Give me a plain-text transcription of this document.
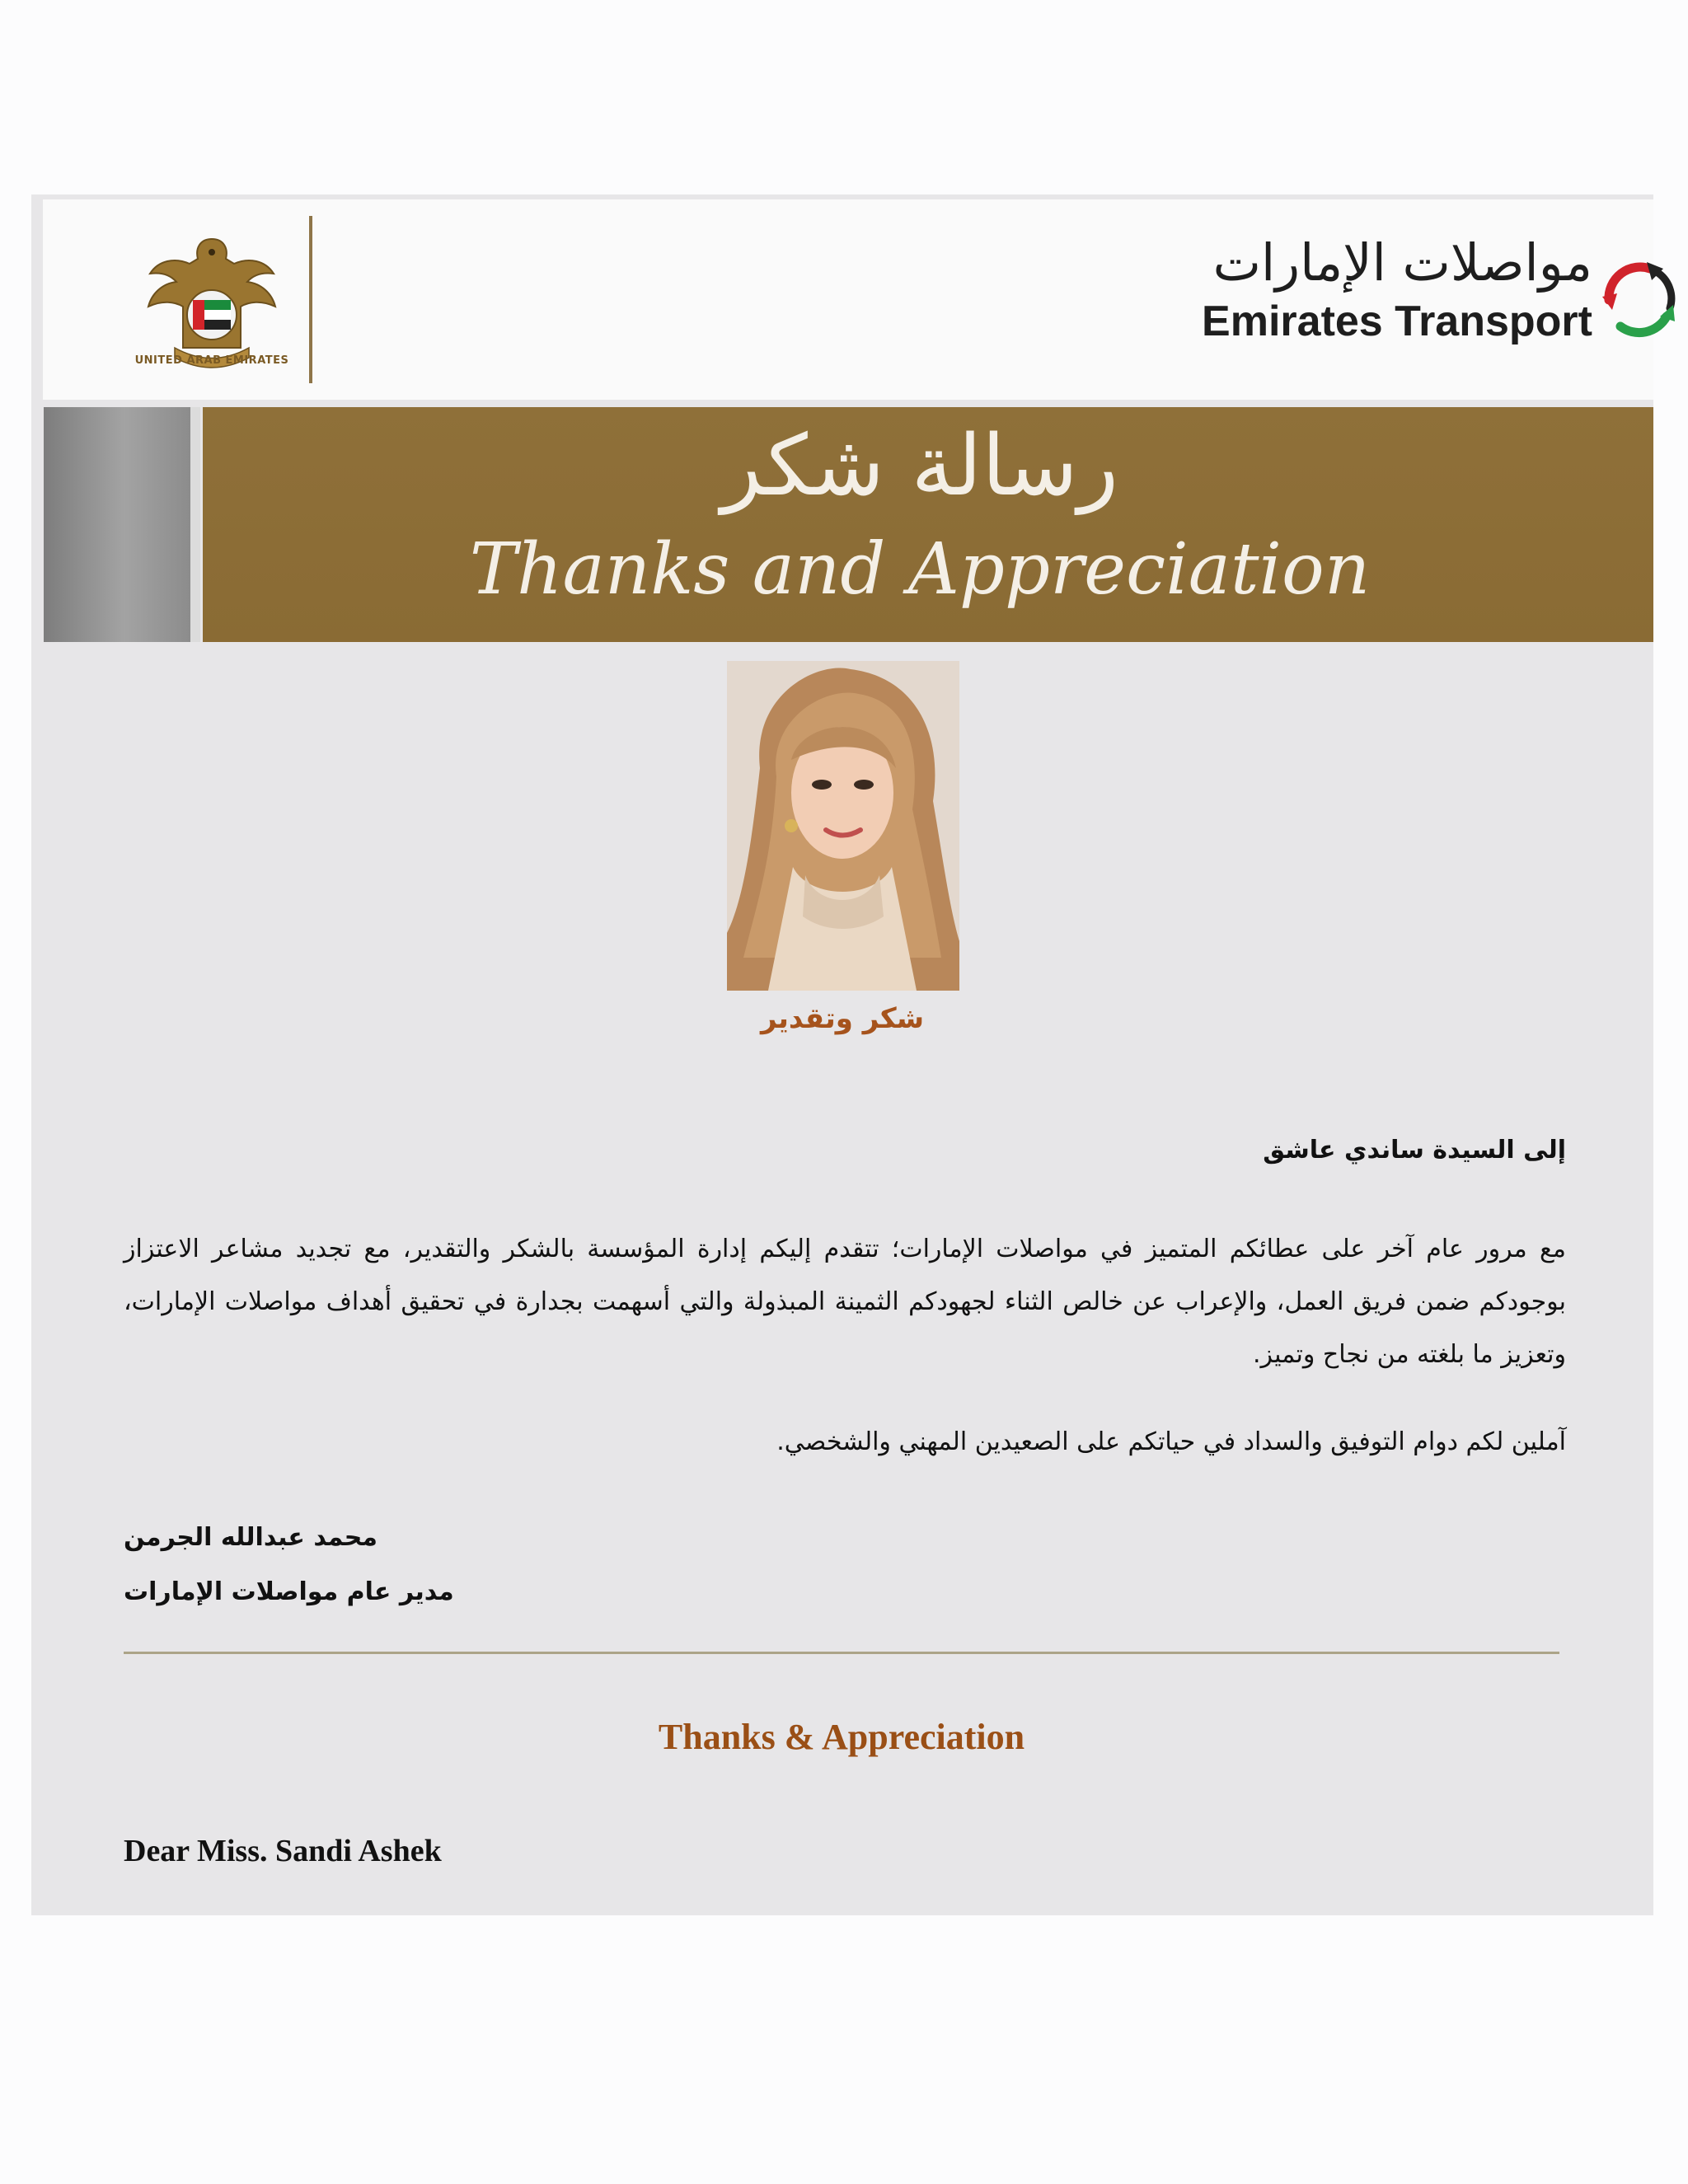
UNITED ARAB EMIRATES
مواصلات الإمارات
Emirates Transport
رسالة شكر
Thanks and Appreciation
شكر وتقدير
إلى السيدة ساندي عاشق
مع مرور عام آخر على عطائكم المتميز في مواصلات الإمارات؛ تتقدم إليكم إدارة المؤسسة بالشكر والتقدير، مع تجديد مشاعر الاعتزاز بوجودكم ضمن فريق العمل، والإعراب عن خالص الثناء لجهودكم الثمينة المبذولة والتي أسهمت بجدارة في تحقيق أهداف مواصلات الإمارات، وتعزيز ما بلغته من نجاح وتميز.
آملين لكم دوام التوفيق والسداد في حياتكم على الصعيدين المهني والشخصي.
محمد عبدالله الجرمن
مدير عام مواصلات الإمارات
Thanks & Appreciation
Dear Miss. Sandi Ashek
